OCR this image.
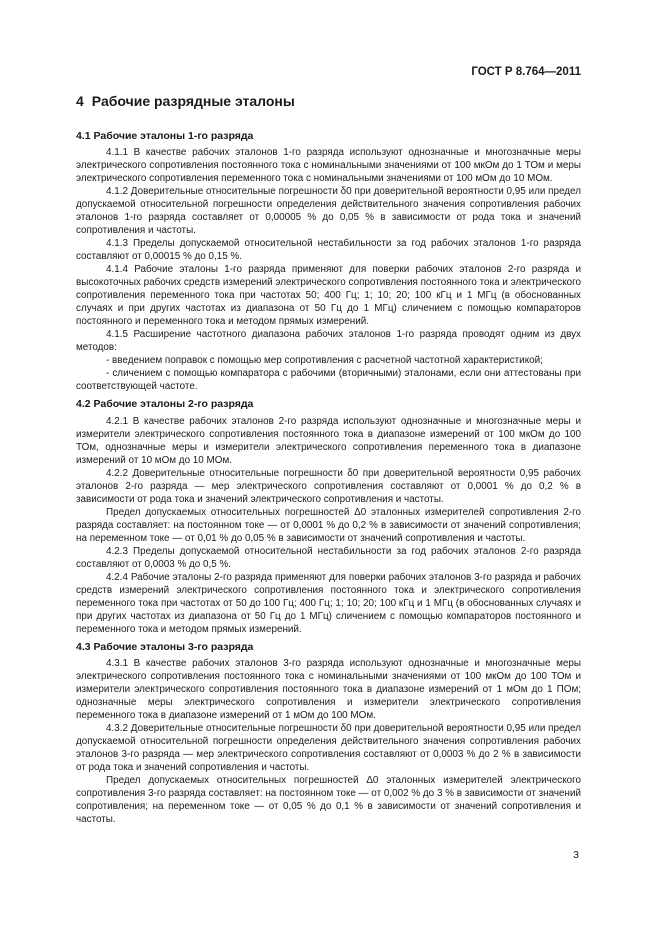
ГОСТ Р 8.764—2011
4 Рабочие разрядные эталоны
4.1 Рабочие эталоны 1-го разряда

4.1.1 В качестве рабочих эталонов 1-го разряда используют однозначные и многозначные меры электрического сопротивления постоянного тока с номинальными значениями от 100 мкОм до 1 ТОм и меры электрического сопротивления переменного тока с номинальными значениями от 100 мОм до 10 МОм.

4.1.2 Доверительные относительные погрешности δ0 при доверительной вероятности 0,95 или предел допускаемой относительной погрешности определения действительного значения сопротивления рабочих эталонов 1-го разряда составляет от 0,00005 % до 0,05 % в зависимости от рода тока и значений сопротивления и частоты.

4.1.3 Пределы допускаемой относительной нестабильности за год рабочих эталонов 1-го разряда составляют от 0,00015 % до 0,15 %.

4.1.4 Рабочие эталоны 1-го разряда применяют для поверки рабочих эталонов 2-го разряда и высокоточных рабочих средств измерений электрического сопротивления постоянного тока и электрического сопротивления переменного тока при частотах 50; 400 Гц; 1; 10; 20; 100 кГц и 1 МГц (в обоснованных случаях и при других частотах из диапазона от 50 Гц до 1 МГц) сличением с помощью компараторов постоянного и переменного тока и методом прямых измерений.

4.1.5 Расширение частотного диапазона рабочих эталонов 1-го разряда проводят одним из двух методов:

- введением поправок с помощью мер сопротивления с расчетной частотной характеристикой;

- сличением с помощью компаратора с рабочими (вторичными) эталонами, если они аттестованы при соответствующей частоте.

4.2 Рабочие эталоны 2-го разряда

4.2.1 В качестве рабочих эталонов 2-го разряда используют однозначные и многозначные меры и измерители электрического сопротивления постоянного тока в диапазоне измерений от 100 мкОм до 100 ТОм, однозначные меры и измерители электрического сопротивления переменного тока в диапазоне измерений от 10 мОм до 10 МОм.

4.2.2 Доверительные относительные погрешности δ0 при доверительной вероятности 0,95 рабочих эталонов 2-го разряда — мер электрического сопротивления составляют от 0,0001 % до 0,2 % в зависимости от рода тока и значений электрического сопротивления и частоты.

Предел допускаемых относительных погрешностей Δ0 эталонных измерителей сопротивления 2-го разряда составляет: на постоянном токе — от 0,0001 % до 0,2 % в зависимости от значений сопротивления; на переменном токе — от 0,01 % до 0,05 % в зависимости от значений сопротивления и частоты.

4.2.3 Пределы допускаемой относительной нестабильности за год рабочих эталонов 2-го разряда составляют от 0,0003 % до 0,5 %.

4.2.4 Рабочие эталоны 2-го разряда применяют для поверки рабочих эталонов 3-го разряда и рабочих средств измерений электрического сопротивления постоянного тока и электрического сопротивления переменного тока при частотах от 50 до 100 Гц; 400 Гц; 1; 10; 20; 100 кГц и 1 МГц (в обоснованных случаях и при других частотах из диапазона от 50 Гц до 1 МГц) сличением с помощью компараторов постоянного и переменного тока и методом прямых измерений.

4.3 Рабочие эталоны 3-го разряда

4.3.1 В качестве рабочих эталонов 3-го разряда используют однозначные и многозначные меры электрического сопротивления постоянного тока с номинальными значениями от 100 мкОм до 100 ТОм и измерители электрического сопротивления постоянного тока в диапазоне измерений от 1 мОм до 1 ПОм; однозначные меры электрического сопротивления и измерители электрического сопротивления переменного тока в диапазоне измерений от 1 мОм до 100 МОм.

4.3.2 Доверительные относительные погрешности δ0 при доверительной вероятности 0,95 или предел допускаемой относительной погрешности определения действительного значения сопротивления рабочих эталонов 3-го разряда — мер электрического сопротивления составляют от 0,0003 % до 2 % в зависимости от рода тока и значений сопротивления и частоты.

Предел допускаемых относительных погрешностей Δ0 эталонных измерителей электрического сопротивления 3-го разряда составляет: на постоянном токе — от 0,002 % до 3 % в зависимости от значений сопротивления; на переменном токе — от 0,05 % до 0,1 % в зависимости от значений сопротивления и частоты.

3
